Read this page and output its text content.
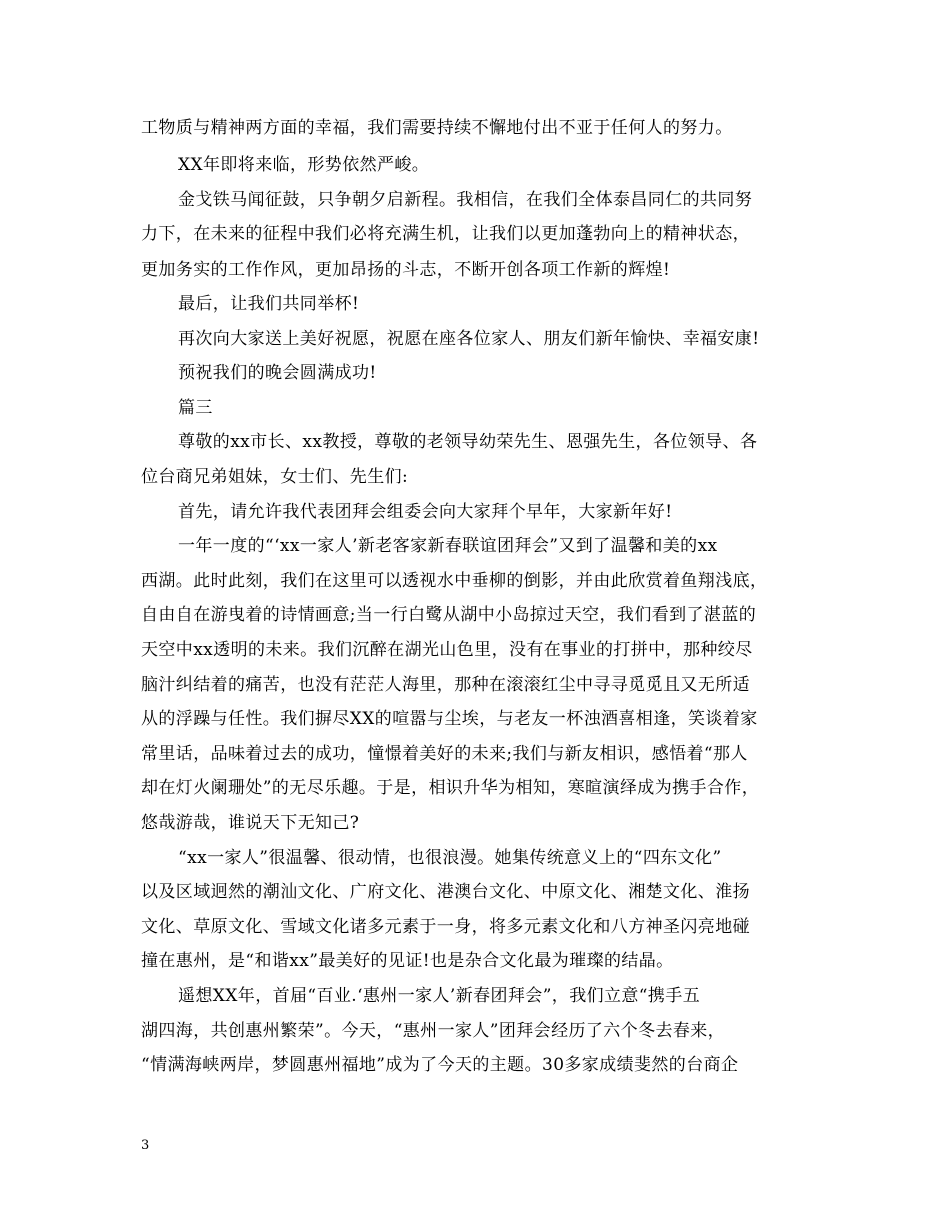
工物质与精神两方面的幸福，我们需要持续不懈地付出不亚于任何人的努力。
XX年即将来临，形势依然严峻。
金戈铁马闻征鼓，只争朝夕启新程。我相信，在我们全体泰昌同仁的共同努
力下，在未来的征程中我们必将充满生机，让我们以更加蓬勃向上的精神状态，
更加务实的工作作风，更加昂扬的斗志，不断开创各项工作新的辉煌!
最后，让我们共同举杯!
再次向大家送上美好祝愿，祝愿在座各位家人、朋友们新年愉快、幸福安康!
预祝我们的晚会圆满成功!
篇三
尊敬的xx市长、xx教授，尊敬的老领导幼荣先生、恩强先生，各位领导、各
位台商兄弟姐妹，女士们、先生们:
首先，请允许我代表团拜会组委会向大家拜个早年，大家新年好!
一年一度的“‘xx一家人’新老客家新春联谊团拜会”又到了温馨和美的xx
西湖。此时此刻，我们在这里可以透视水中垂柳的倒影，并由此欣赏着鱼翔浅底，
自由自在游曳着的诗情画意;当一行白鹭从湖中小岛掠过天空，我们看到了湛蓝的
天空中xx透明的未来。我们沉醉在湖光山色里，没有在事业的打拼中，那种绞尽
脑汁纠结着的痛苦，也没有茫茫人海里，那种在滚滚红尘中寻寻觅觅且又无所适
从的浮躁与任性。我们摒尽XX的喧嚣与尘埃，与老友一杯浊酒喜相逢，笑谈着家
常里话，品味着过去的成功，憧憬着美好的未来;我们与新友相识，感悟着“那人
却在灯火阑珊处”的无尽乐趣。于是，相识升华为相知，寒暄演绎成为携手合作，
悠哉游哉，谁说天下无知己?
“xx一家人”很温馨、很动情，也很浪漫。她集传统意义上的“四东文化”
以及区域迥然的潮汕文化、广府文化、港澳台文化、中原文化、湘楚文化、淮扬
文化、草原文化、雪域文化诸多元素于一身，将多元素文化和八方神圣闪亮地碰
撞在惠州，是“和谐xx”最美好的见证!也是杂合文化最为璀璨的结晶。
遥想XX年，首届“百业.‘惠州一家人’新春团拜会”，我们立意“携手五
湖四海，共创惠州繁荣”。今天，“惠州一家人”团拜会经历了六个冬去春来，
“情满海峡两岸，梦圆惠州福地”成为了今天的主题。30多家成绩斐然的台商企
3
